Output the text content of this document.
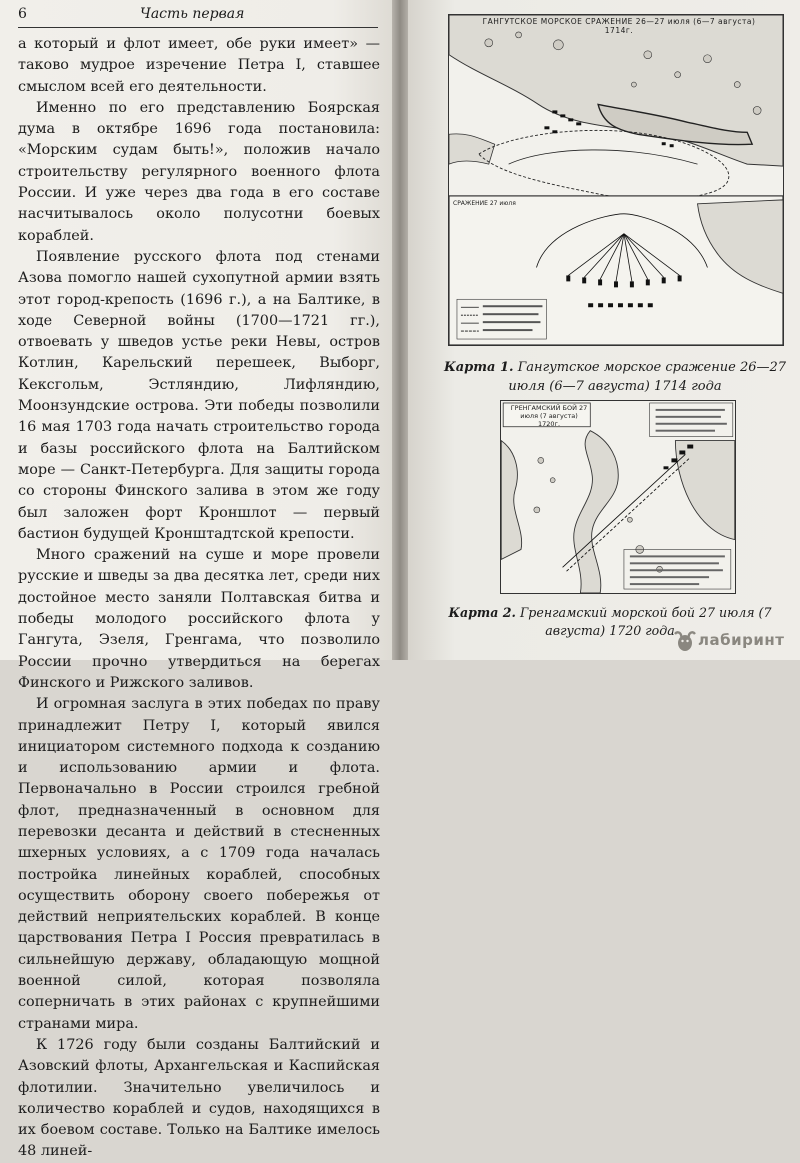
6	Часть первая

а который и флот имеет, обе руки имеет» — таково мудрое изречение Петра I, ставшее смыслом всей его деятельности.

Именно по его представлению Боярская дума в октябре 1696 года постановила: «Морским судам быть!», положив начало строительству регулярного военного флота России. И уже через два года в его составе насчитывалось около полусотни боевых кораблей.

Появление русского флота под стенами Азова помогло нашей сухопутной армии взять этот город-крепость (1696 г.), а на Балтике, в ходе Северной войны (1700—1721 гг.), отвоевать у шведов устье реки Невы, остров Котлин, Карельский перешеек, Выборг, Кексгольм, Эстляндию, Лифляндию, Моонзундские острова. Эти победы позволили 16 мая 1703 года начать строительство города и базы российского флота на Балтийском море — Санкт-Петербурга. Для защиты города со стороны Финского залива в этом же году был заложен форт Кроншлот — первый бастион будущей Кронштадтской крепости.

Много сражений на суше и море провели русские и шведы за два десятка лет, среди них достойное место заняли Полтавская битва и победы молодого российского флота у Гангута, Эзеля, Гренгама, что позволило России прочно утвердиться на берегах Финского и Рижского заливов.

И огромная заслуга в этих победах по праву принадлежит Петру I, который явился инициатором системного подхода к созданию и использованию армии и флота. Первоначально в России строился гребной флот, предназначенный в основном для перевозки десанта и действий в стесненных шхерных условиях, а с 1709 года началась постройка линейных кораблей, способных осуществить оборону своего побережья от действий неприятельских кораблей. В конце царствования Петра I Россия превратилась в сильнейшую державу, обладающую мощной военной силой, которая позволяла соперничать в этих районах с крупнейшими странами мира.

К 1726 году были созданы Балтийский и Азовский флоты, Архангельская и Каспийская флотилии. Значительно увеличилось и количество кораблей и судов, находящихся в их боевом составе. Только на Балтике имелось 48 линей-

ГАНГУТСКОЕ МОРСКОЕ СРАЖЕНИЕ 26—27 июля (6—7 августа) 1714г.
СРАЖЕНИЕ 27 июля
Карта 1. Гангутское морское сражение 26—27 июля (6—7 августа) 1714 года
ГРЕНГАМСКИЙ БОЙ 27 июля (7 августа) 1720г.
Карта 2. Гренгамский морской бой 27 июля (7 августа) 1720 года
лабиринт
